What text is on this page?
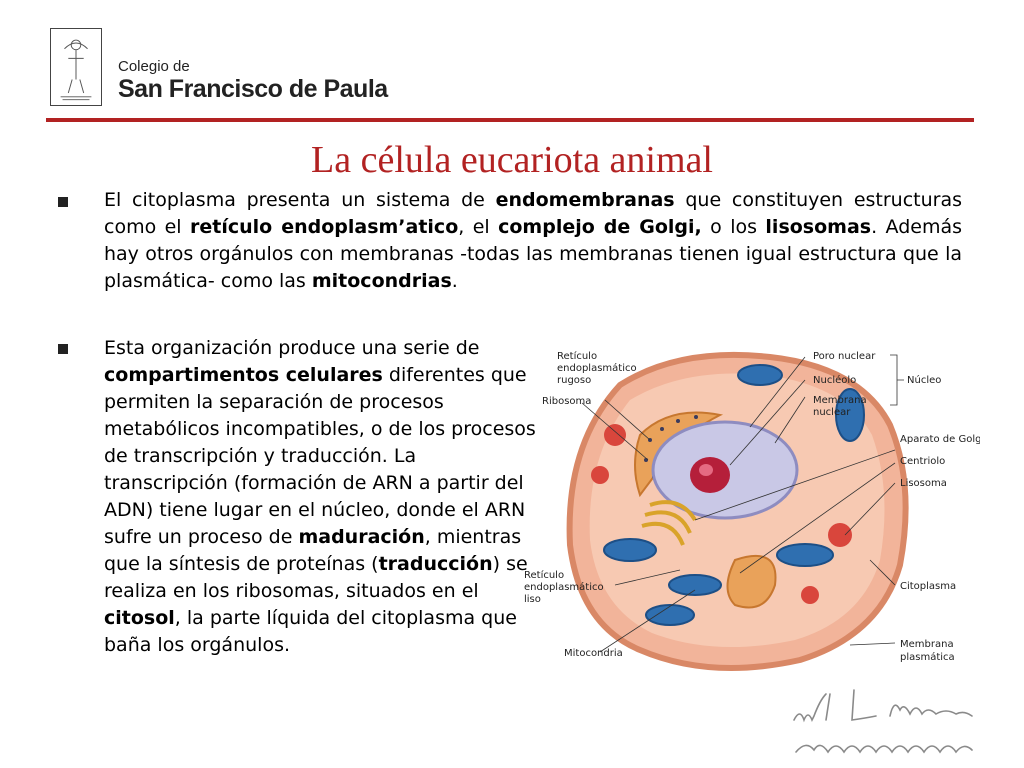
Colegio de
San Francisco de Paula
La célula eucariota animal

El citoplasma presenta un sistema de endomembranas que constituyen estructuras como el retículo endoplasm’atico, el complejo de Golgi, o los lisosomas. Además hay otros orgánulos con membranas -todas las membranas tienen igual estructura que la plasmática- como las mitocondrias.

Esta organización produce una serie de compartimentos celulares diferentes que permiten la separación de procesos metabólicos incompatibles, o de los procesos de transcripción y traducción. La transcripción (formación de ARN a partir del ADN) tiene lugar en el núcleo, donde el ARN sufre un proceso de maduración, mientras que la síntesis de proteínas (traducción) se realiza en los ribosomas, situados en el citosol, la parte líquida del citoplasma que baña los orgánulos.

Retículo
endoplasmático
rugoso
Ribosoma
Poro nuclear
Nucléolo
Membrana
nuclear
Núcleo
Aparato de Golgi
Centriolo
Lisosoma
Retículo
endoplasmático
liso
Citoplasma
Mitocondria
Membrana
plasmática
